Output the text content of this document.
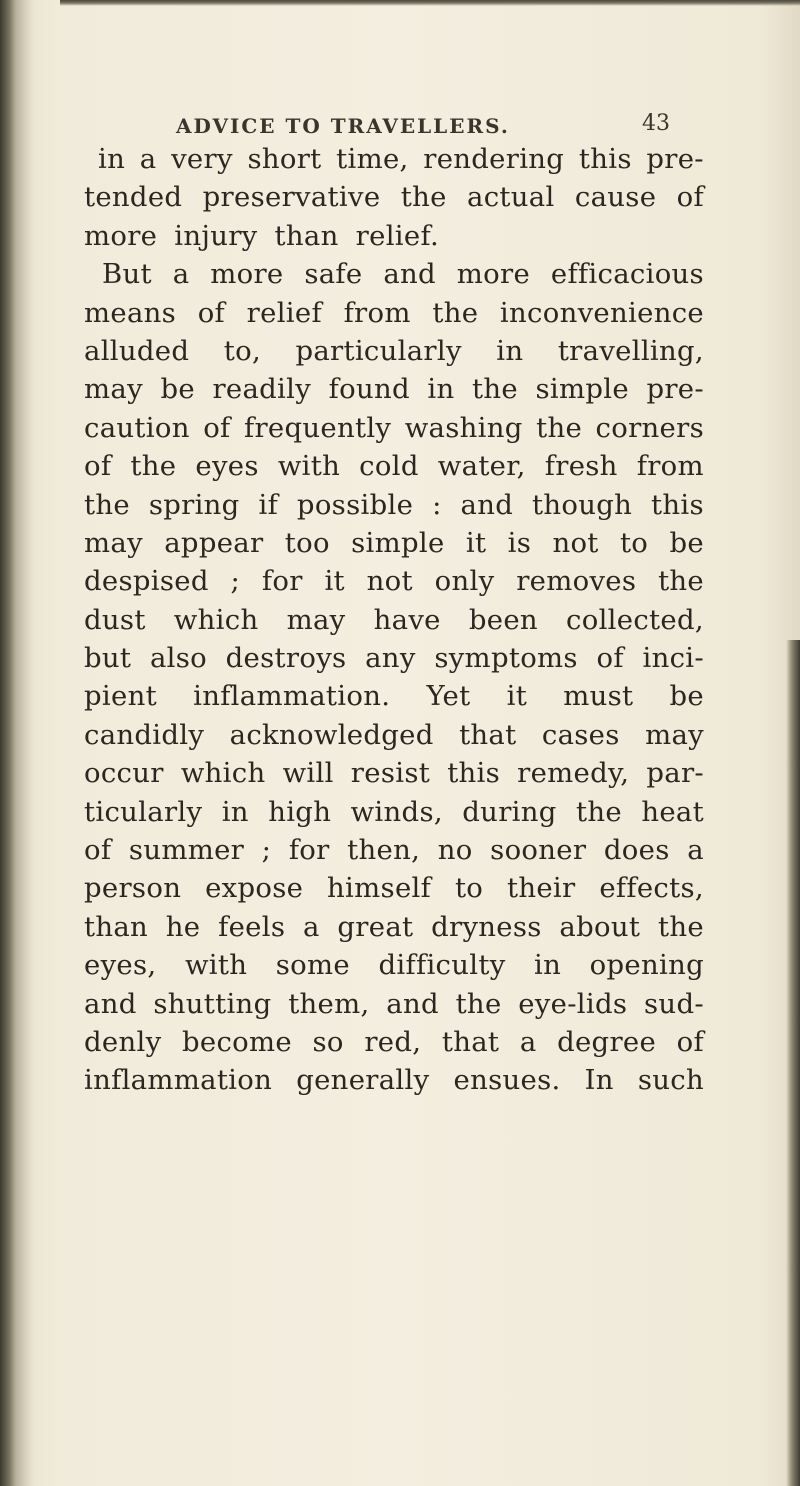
ADVICE TO TRAVELLERS.	43
in a very short time, rendering this pre-
tended preservative the actual cause of
more injury than relief.
But a more safe and more efficacious
means of relief from the inconvenience
alluded to, particularly in travelling,
may be readily found in the simple pre-
caution of frequently washing the corners
of the eyes with cold water, fresh from
the spring if possible : and though this
may appear too simple it is not to be
despised ; for it not only removes the
dust which may have been collected,
but also destroys any symptoms of inci-
pient inflammation. Yet it must be
candidly acknowledged that cases may
occur which will resist this remedy, par-
ticularly in high winds, during the heat
of summer ; for then, no sooner does a
person expose himself to their effects,
than he feels a great dryness about the
eyes, with some difficulty in opening
and shutting them, and the eye-lids sud-
denly become so red, that a degree of
inflammation generally ensues. In such
